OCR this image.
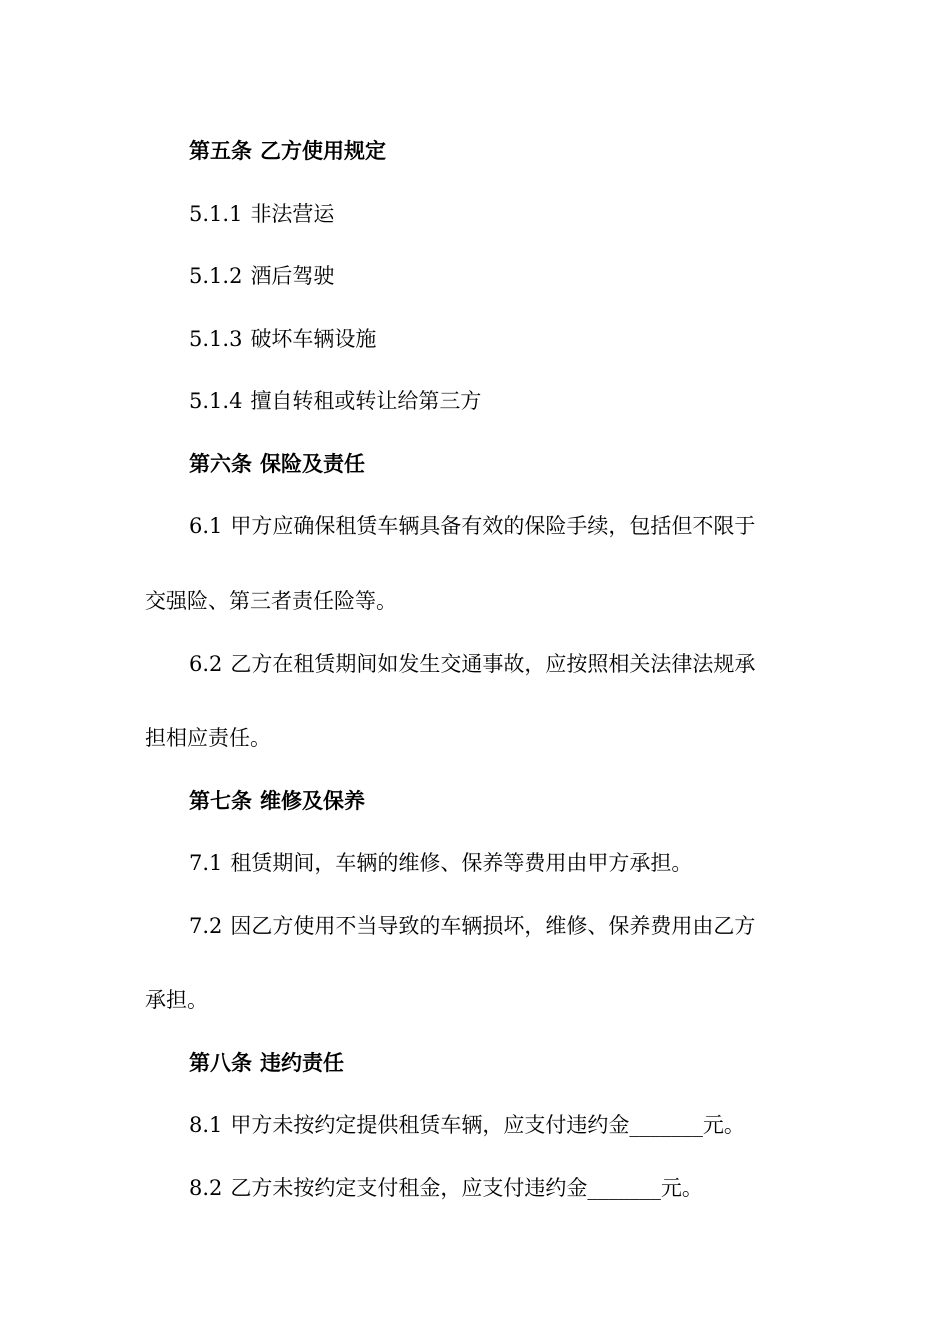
第五条 乙方使用规定
5.1.1 非法营运
5.1.2 酒后驾驶
5.1.3 破坏车辆设施
5.1.4 擅自转租或转让给第三方
第六条 保险及责任
6.1 甲方应确保租赁车辆具备有效的保险手续，包括但不限于
交强险、第三者责任险等。
6.2 乙方在租赁期间如发生交通事故，应按照相关法律法规承
担相应责任。
第七条 维修及保养
7.1 租赁期间，车辆的维修、保养等费用由甲方承担。
7.2 因乙方使用不当导致的车辆损坏，维修、保养费用由乙方
承担。
第八条 违约责任
8.1 甲方未按约定提供租赁车辆，应支付违约金_______元。
8.2 乙方未按约定支付租金，应支付违约金_______元。
